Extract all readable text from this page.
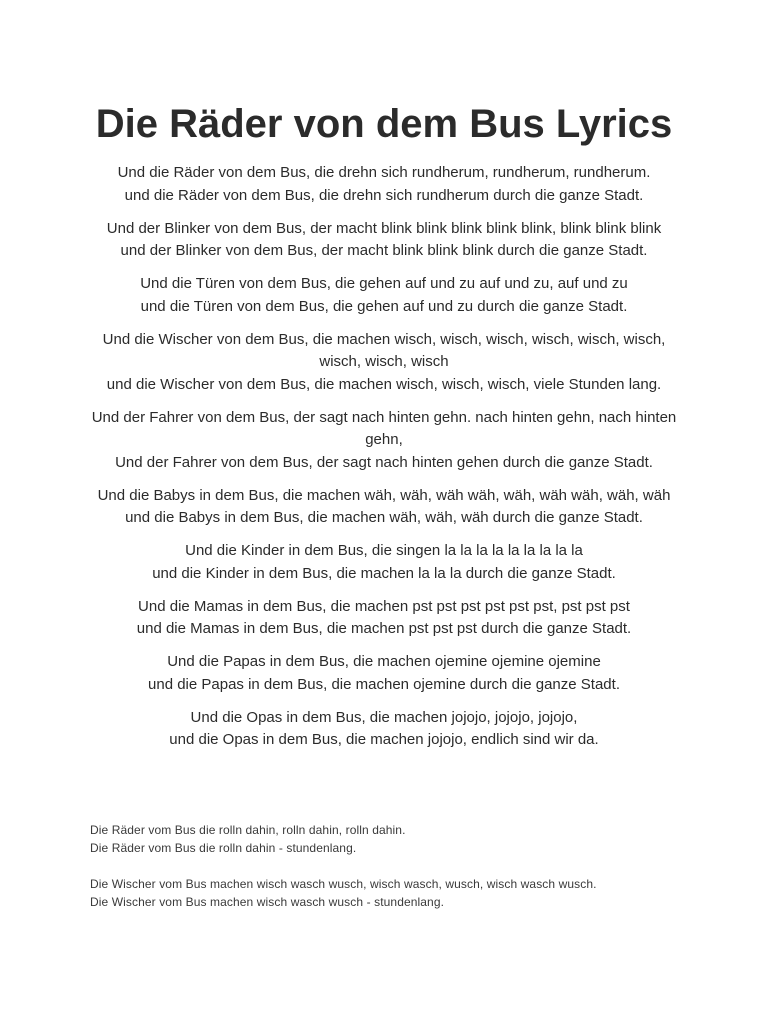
Die Räder von dem Bus Lyrics

Und die Räder von dem Bus, die drehn sich rundherum, rundherum, rundherum.
und die Räder von dem Bus, die drehn sich rundherum durch die ganze Stadt.

Und der Blinker von dem Bus, der macht blink blink blink blink blink, blink blink blink
und der Blinker von dem Bus, der macht blink blink blink durch die ganze Stadt.

Und die Türen von dem Bus, die gehen auf und zu auf und zu, auf und zu
und die Türen von dem Bus, die gehen auf und zu durch die ganze Stadt.

Und die Wischer von dem Bus, die machen wisch, wisch, wisch, wisch, wisch, wisch, wisch, wisch, wisch
und die Wischer von dem Bus, die machen wisch, wisch, wisch, viele Stunden lang.

Und der Fahrer von dem Bus, der sagt nach hinten gehn. nach hinten gehn, nach hinten gehn,
Und der Fahrer von dem Bus, der sagt nach hinten gehen durch die ganze Stadt.

Und die Babys in dem Bus, die machen wäh, wäh, wäh wäh, wäh, wäh wäh, wäh, wäh
und die Babys in dem Bus, die machen wäh, wäh, wäh durch die ganze Stadt.

Und die Kinder in dem Bus, die singen la la la la la la la la la
und die Kinder in dem Bus, die machen la la la durch die ganze Stadt.

Und die Mamas in dem Bus, die machen pst pst pst pst pst pst, pst pst pst
und die Mamas in dem Bus, die machen pst pst pst durch die ganze Stadt.

Und die Papas in dem Bus, die machen ojemine ojemine ojemine
und die Papas in dem Bus, die machen ojemine durch die ganze Stadt.

Und die Opas in dem Bus, die machen jojojo, jojojo, jojojo,
und die Opas in dem Bus, die machen jojojo, endlich sind wir da.

Die Räder vom Bus die rolln dahin, rolln dahin, rolln dahin.
Die Räder vom Bus die rolln dahin - stundenlang.
Die Wischer vom Bus machen wisch wasch wusch, wisch wasch, wusch, wisch wasch wusch.
Die Wischer vom Bus machen wisch wasch wusch - stundenlang.
